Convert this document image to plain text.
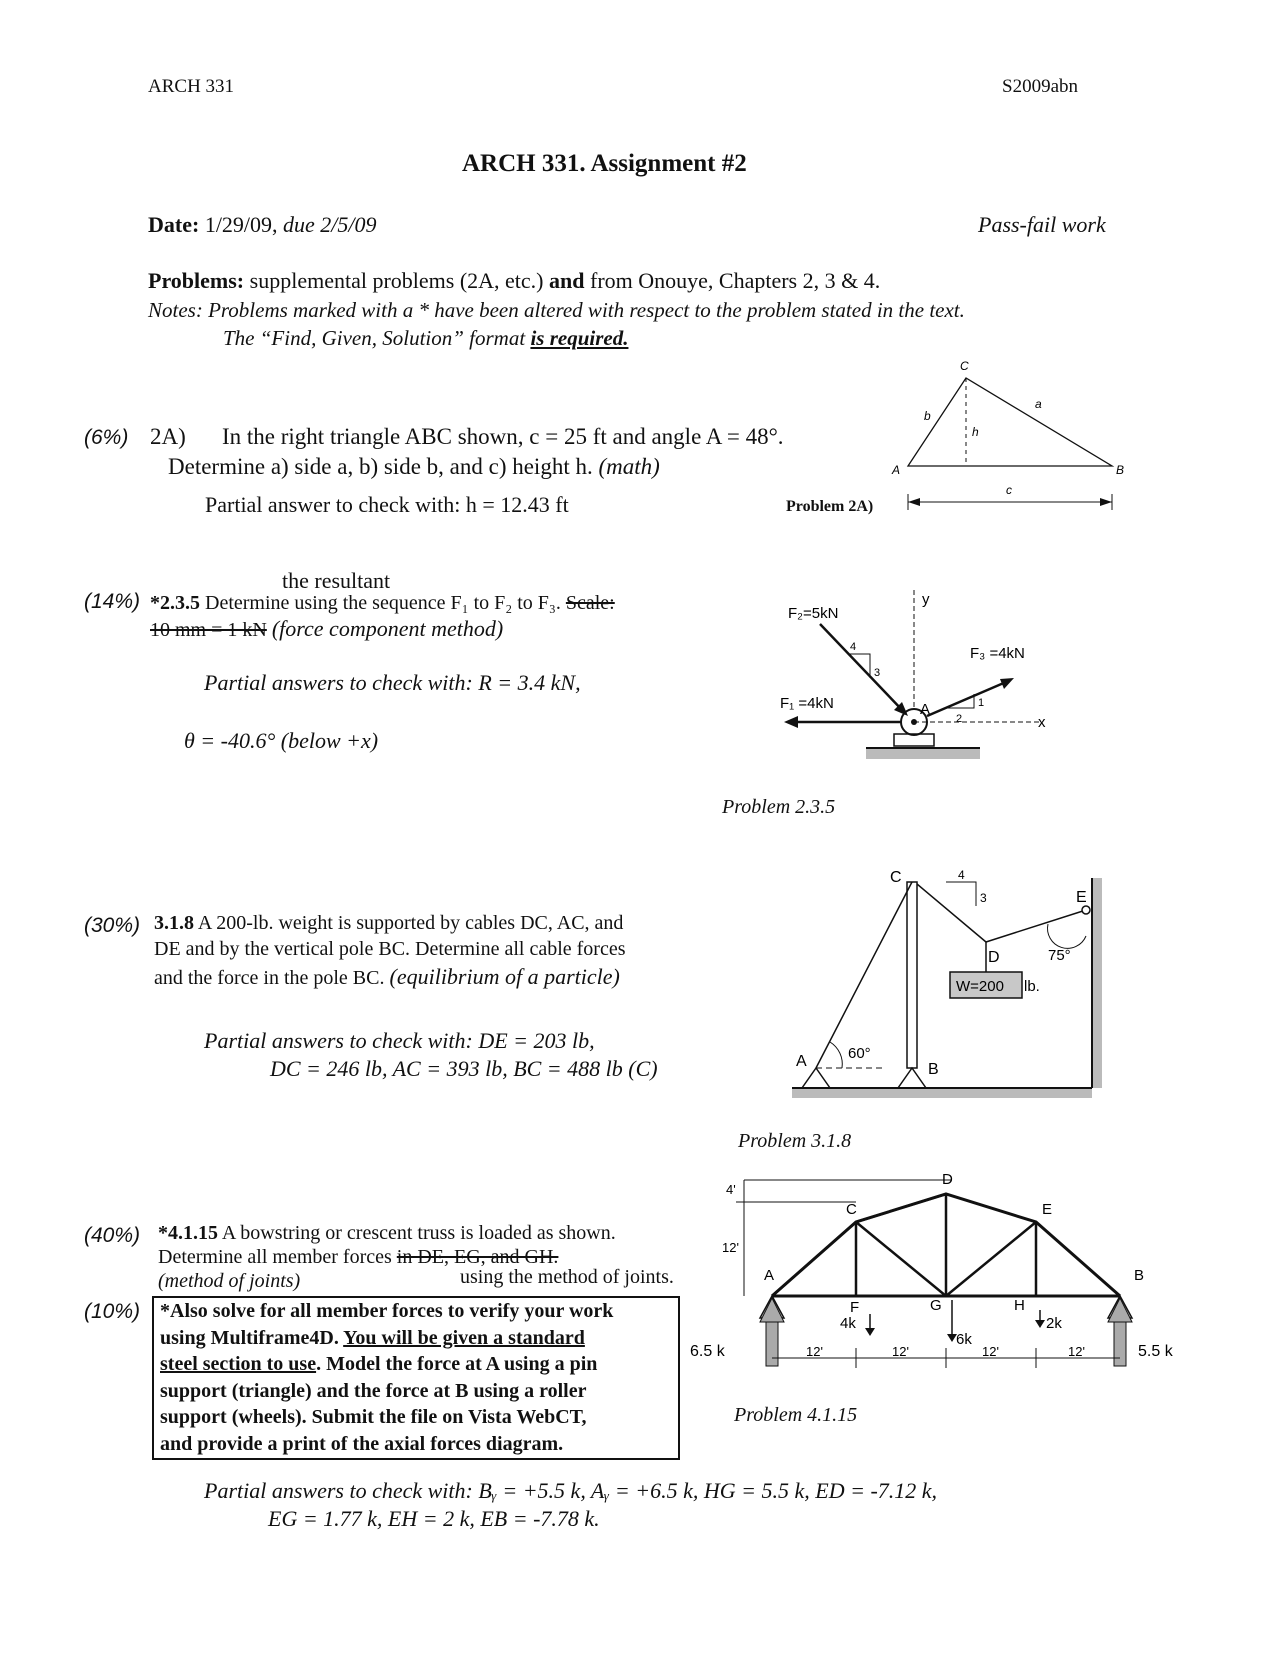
ARCH 331	S2009abn
ARCH 331. Assignment #2
Date: 1/29/09, due 2/5/09	Pass-fail work
Problems: supplemental problems (2A, etc.) and from Onouye, Chapters 2, 3 & 4.
Notes: Problems marked with a * have been altered with respect to the problem stated in the text.
The “Find, Given, Solution” format is required.
(6%) 2A) In the right triangle ABC shown, c = 25 ft and angle A = 48°.
Determine a) side a, b) side b, and c) height h. (math)
Partial answer to check with: h = 12.43 ft	Problem 2A)
C
A	B
a
b
h
c
the resultant
(14%) *2.3.5 Determine using the sequence F₁ to F₂ to F₃. Scale:
10 mm = 1 kN (force component method)
Partial answers to check with: R = 3.4 kN,
θ = -40.6° (below +x)
Problem 2.3.5
y
x
A
F₁ =4kN
F₂=5kN
4
3
F₃ =4kN
2
1
(30%) 3.1.8 A 200-lb. weight is supported by cables DC, AC, and
DE and by the vertical pole BC. Determine all cable forces
and the force in the pole BC. (equilibrium of a particle)
Partial answers to check with: DE = 203 lb,
DC = 246 lb, AC = 393 lb, BC = 488 lb (C)
Problem 3.1.8
60°
A	B
C	4
3	E
D	75°
W=200 lb.
(40%) *4.1.15 A bowstring or crescent truss is loaded as shown.
Determine all member forces in DE, EG, and GH.
(method of joints)	using the method of joints.
(10%) *Also solve for all member forces to verify your work
using Multiframe4D. You will be given a standard
steel section to use. Model the force at A using a pin
support (triangle) and the force at B using a roller
support (wheels). Submit the file on Vista WebCT,
and provide a print of the axial forces diagram.
Problem 4.1.15
4'
12'
A	B
C
D
E
F	G	H
4k
6k
2k
6.5 k	5.5 k
12'	12'	12'	12'
Partial answers to check with: Bᵧ = +5.5 k, Aᵧ = +6.5 k, HG = 5.5 k, ED = -7.12 k,
EG = 1.77 k, EH = 2 k, EB = -7.78 k.
